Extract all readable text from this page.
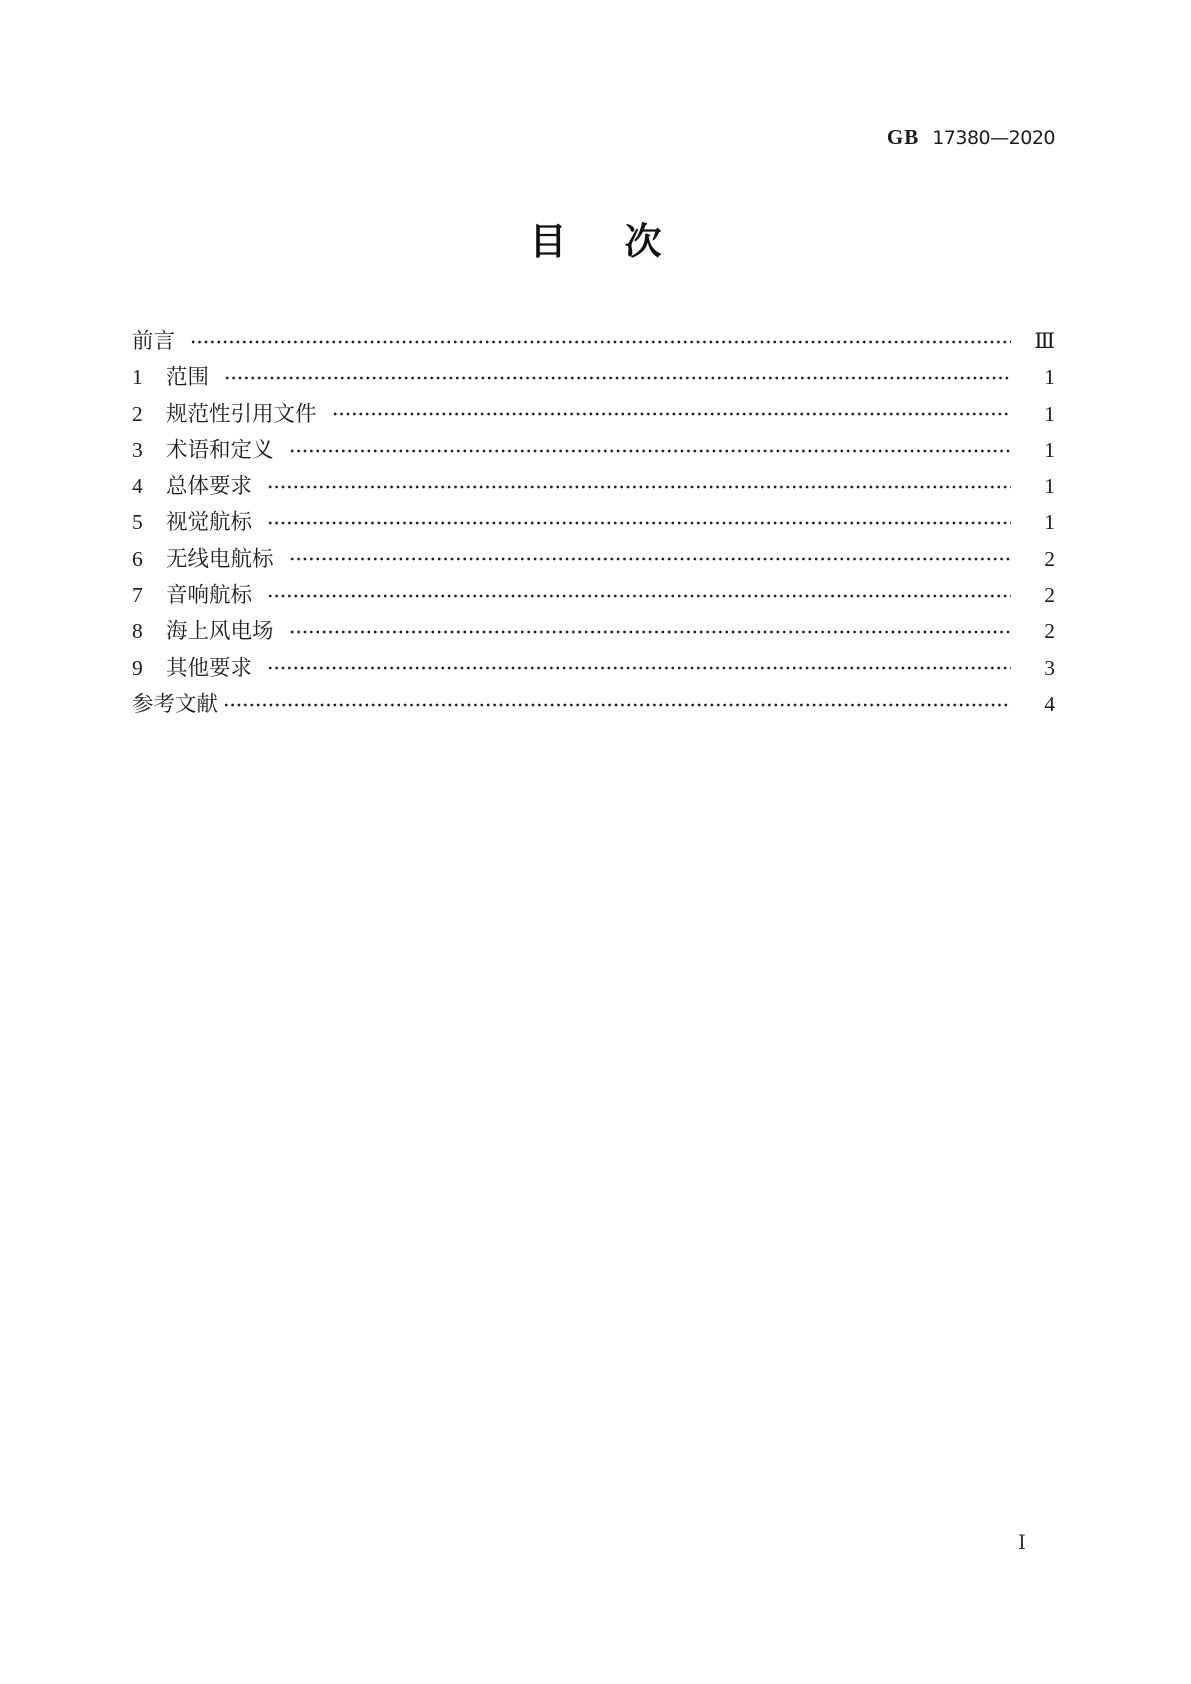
GB 17380—2020
目 次
前言	Ⅲ
1	范围	1
2	规范性引用文件	1
3	术语和定义	1
4	总体要求	1
5	视觉航标	1
6	无线电航标	2
7	音响航标	2
8	海上风电场	2
9	其他要求	3
参考文献	4
Ⅰ
